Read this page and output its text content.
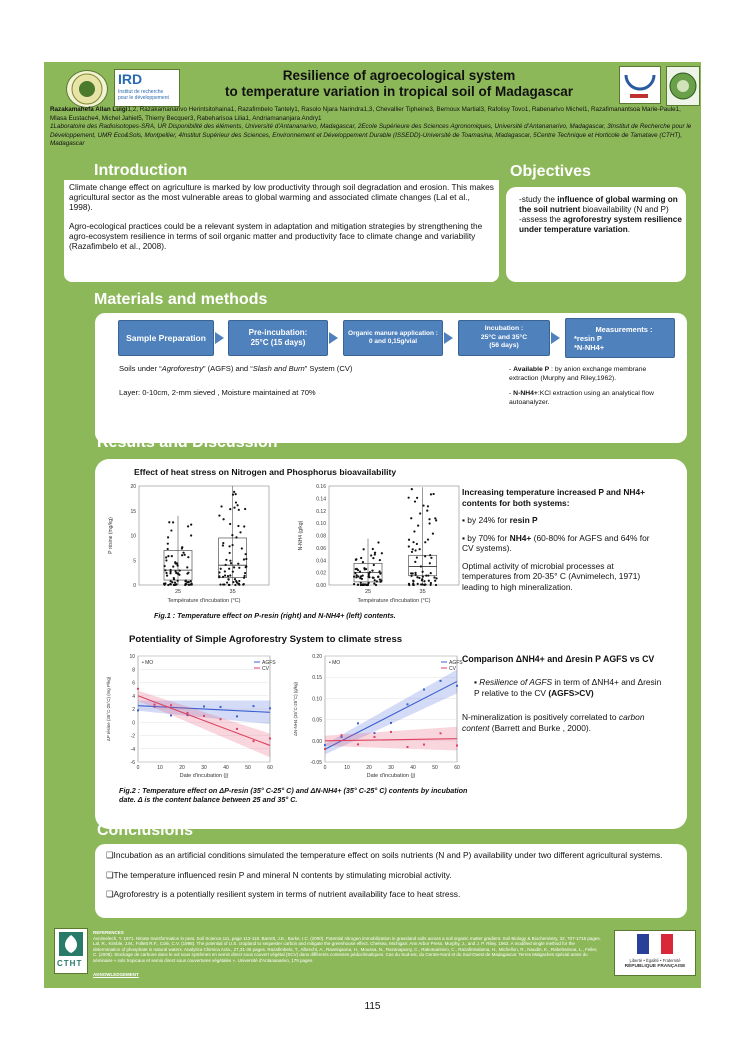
IRD
Institut de recherche
pour le développement
Resilience of agroecological system
to temperature variation in tropical soil of Madagascar
Razakamahefa Allan Luigi1,2, Razakamanarivo Herintsitohaina1, Razafimbelo Tantely1, Rasolo Njara Narindra1,3, Chevallier Tipheine3, Bernoux Martial3, Rafolisy Tovo1, Rabenarivo Michel1, Razafimanantsoa Marie-Paule1, Mlasa Eustache4, Michel Jahiel5, Thierry Becquer3, Rabeharisoa Lilia1, Andriamananjara Andry1
1Laboratoire des Radioisotopes-SRA, UR Disponibilité des éléments, Université d'Antananarivo, Madagascar, 2Ecole Supérieure des Sciences Agronomiques, Université d'Antananarivo, Madagascar, 3Institut de Recherche pour le Développement, UMR Eco&Sols, Montpellier, 4Institut Supérieur des Sciences, Environnement et Développement Durable (ISSEDD)-Université de Toamasina, Madagascar, 5Centre Technique et Horticole de Tamatave (CTHT), Madagascar
Introduction

Climate change effect on agriculture is marked by low productivity through soil degradation and erosion. This makes agricultural sector as the most vulnerable areas to global warming and associated climate changes (Lal et al., 1998).

Agro-ecological practices could be a relevant system in adaptation and mitigation strategies by strengthening the agro-ecosystem resilience in terms of soil organic matter and productivity face to climate change and variability (Razafimbelo et al., 2008).

Objectives
-study the influence of global warming on the soil nutrient bioavailability (N and P)
-assess the agroforestry system resilience under temperature variation.
Materials and methods
Sample Preparation
Pre-incubation:
25°C (15 days)
Organic manure application :
0 and 0,15g/vial
Incubation :
25°C and 35°C
(56 days)
Measurements :
*resin P
*N-NH4+
Soils under “Agroforestry” (AGFS) and “Slash and Burn” System (CV)
Layer: 0-10cm, 2-mm sieved , Moisture maintained at 70%
- Available P : by anion exchange membrane extraction (Murphy and Riley,1962).
- N-NH4+:KCl extraction using an analytical flow autoanalyzer.
Results and Discussion
Effect of heat stress on Nitrogen and Phosphorus bioavailability
0
5
10
15
20
25	35
Température d'incubation (°C)
P résine (mg/kg)
0.00
0.02
0.04
0.06
0.08
0.10
0.12
0.14
0.16
25	35
Température d'incubation (°C)
N-NH4 (g/kg)
Fig.1 : Temperature effect on P-resin (right) and N-NH4+ (left) contents.

Increasing temperature increased P and NH4+ contents for both systems:

▪ by 24% for resin P

▪ by 70% for NH4+ (60-80% for AGFS and 64% for CV systems).

Optimal activity of microbial processes at temperatures from 20-35° C (Avnimelech, 1971) leading to high mineralization.

Potentiality of Simple Agroforestry System to climate stress
-6
-4
-2
0
2
4
6
8
10
0	10	20	30	40	50	60
AGFS
CV
• MO
Date d'incubation (j)
ΔP résine (35°C-25°C) (mg P/kg)
-0.05
0.00
0.05
0.10
0.15
0.20
0	10	20	30	40	50	60
AGFS
CV
• MO
Date d'incubation (j)
ΔN-NH4 (35°C-25°C) (g/kg)
Fig.2 : Temperature effect on ΔP-resin (35° C-25° C) and ΔN-NH4+ (35° C-25° C) contents by incubation date. Δ is the content balance between 25 and 35° C.

Comparison ΔNH4+ and Δresin P AGFS vs CV

▪ Resilience of AGFS in term of ΔNH4+ and Δresin P relative to the CV (AGFS>CV)

N-mineralization is positively correlated to carbon content (Barrett and Burke , 2000).

Conclusions

❏Incubation as an artificial conditions simulated the temperature effect on soils nutrients (N and P) availability under two different agricultural systems.

❏The temperature influenced resin P and mineral N contents by stimulating microbial activity.

❏Agroforestry is a potentially resilient system in terms of nutrient availability face to heat stress.

CTHT
REFERENCES
Avnimelech, Y. 1971. Nitrate transformation in peat. Soil Science,111, page 113-118. Barrett, J.E., Burke, I.C. (2000). Potential nitrogen immobilization in grassland soils across a soil organic matter gradient. Soil Biology & Biochemistry, 32, 707-1716 pages. Lal, R., Kimble, J.M., Follett R.F., Cole, C.V. (1998). The potential of U.S. cropland to sequester carbon and mitigate the greenhouse effect. Chelsea, Michigan: Ann Arbor Press. Murphy, J., and J. P. Riley. 1962. A modified single method for the determination of phosphate in natural waters. Analytica Chimica Acta., 27,31-36 pages. Razafimbelo, T., Albrecht, A., Ravelojaona, H., Moussa, N., Razanajaony, C., Rakotoarinivo, C., Razafintsalama, H., Michellon, R., Naudin, K., Rabeharisoa, L., Feller, C. (2008). Stockage de carbone dans le sol sous systèmes en semis direct sous couvert végétal (SCV) dans différents contextes pédoclimatiques. Cas du Sud-est, du Centre-Nord et du Sud-Ouest de Madagascar. Terres Malgaches spécial actes du séminaire « sols tropicaux et semis direct sous couvertures végétales ». Université d'Antananarivo, 179 pages.
AKNOWLEDGEMENT
Liberté • Égalité • Fraternité
RÉPUBLIQUE FRANÇAISE
115
